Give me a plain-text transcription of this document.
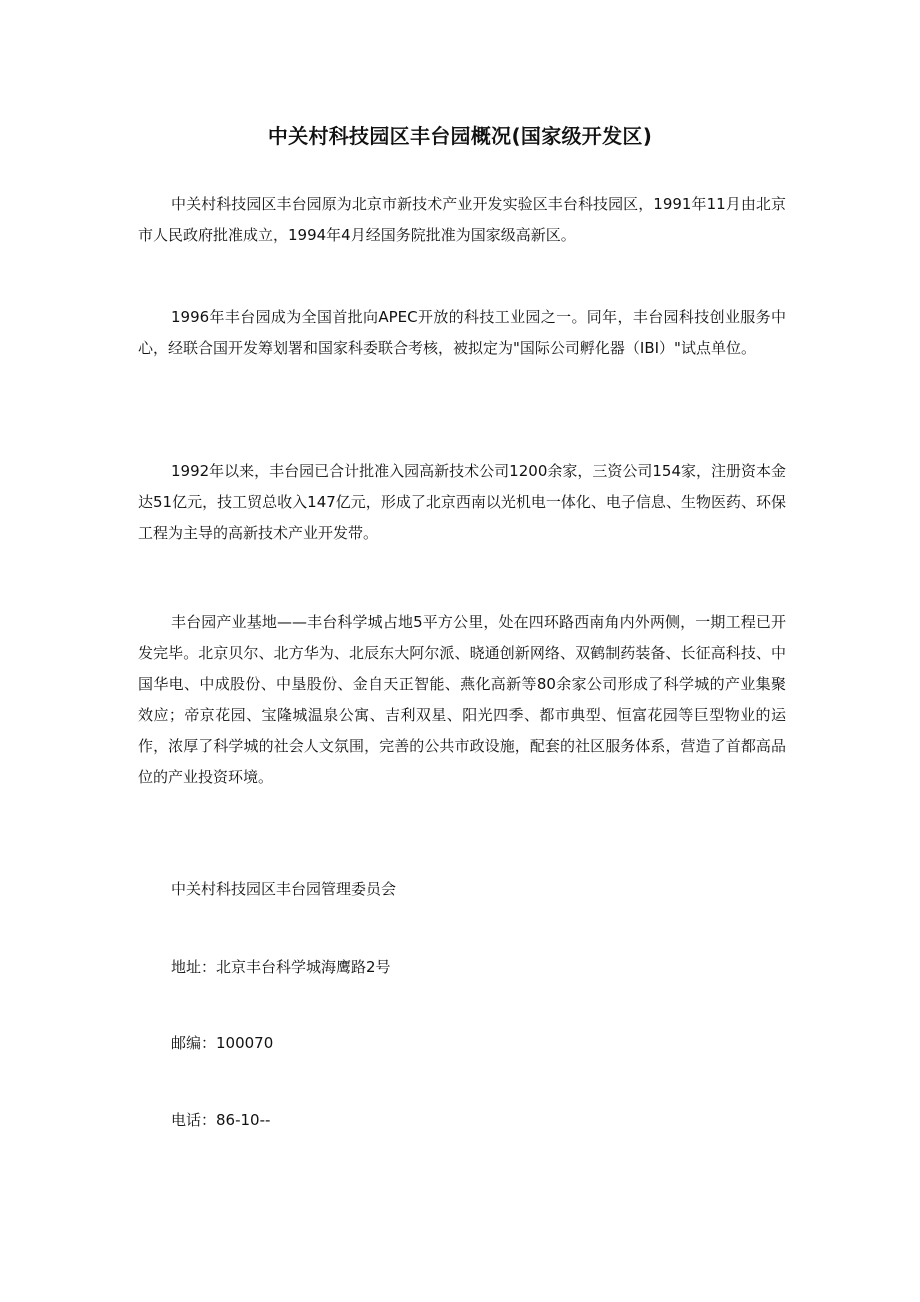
中关村科技园区丰台园概况(国家级开发区)

中关村科技园区丰台园原为北京市新技术产业开发实验区丰台科技园区，1991年11月由北京市人民政府批准成立，1994年4月经国务院批准为国家级高新区。

1996年丰台园成为全国首批向APEC开放的科技工业园之一。同年，丰台园科技创业服务中心，经联合国开发筹划署和国家科委联合考核，被拟定为"国际公司孵化器（IBI）"试点单位。

1992年以来，丰台园已合计批准入园高新技术公司1200余家，三资公司154家，注册资本金达51亿元，技工贸总收入147亿元，形成了北京西南以光机电一体化、电子信息、生物医药、环保工程为主导的高新技术产业开发带。

丰台园产业基地——丰台科学城占地5平方公里，处在四环路西南角内外两侧，一期工程已开发完毕。北京贝尔、北方华为、北辰东大阿尔派、晓通创新网络、双鹤制药装备、长征高科技、中国华电、中成股份、中垦股份、金自天正智能、燕化高新等80余家公司形成了科学城的产业集聚效应；帝京花园、宝隆城温泉公寓、吉利双星、阳光四季、都市典型、恒富花园等巨型物业的运作，浓厚了科学城的社会人文氛围，完善的公共市政设施，配套的社区服务体系，营造了首都高品位的产业投资环境。

中关村科技园区丰台园管理委员会
地址：北京丰台科学城海鹰路2号
邮编：100070
电话：86-10--
